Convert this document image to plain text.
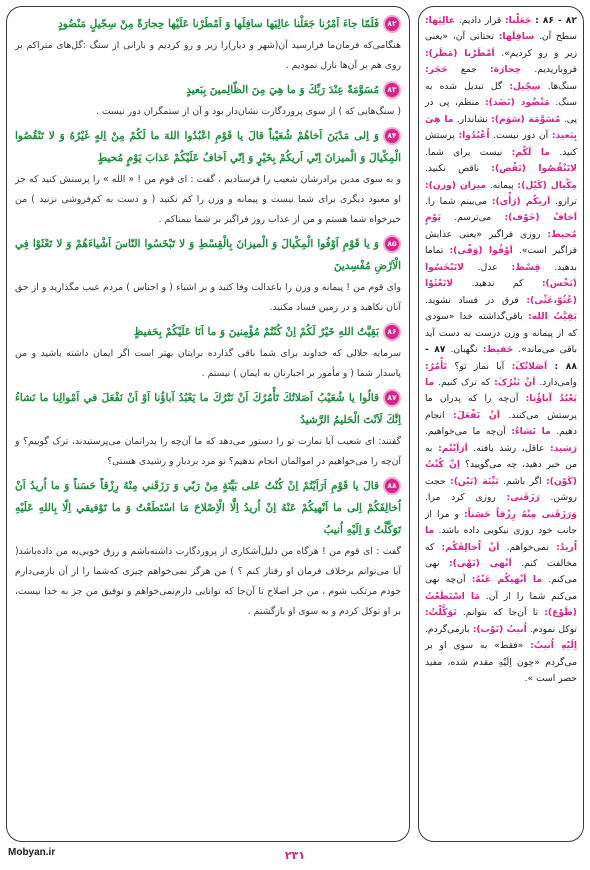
۸۲فَلَمّا جاءَ اَمْرُنا جَعَلْنا عالِيَها سافِلَها وَ اَمْطَرْنا عَلَيْها حِجارَةً مِنْ سِجّيلٍ مَنْضُودٍ

هنگامی‌که فرمان‌ما فرارسید آن(شهر و دیار)را زیر و رو کردیم و بارانی از سنگ :گل‌های متراکم بر روی هم بر آن‌ها نازل نمودیم .

۸۳مُسَوَّمَةً عِنْدَ رَبِّكَ وَ ما هِيَ مِنَ الظّالِمينَ بِبَعيدٍ

( سنگ‌هایی که ) از سوی پروردگارت نشان‌دار بود و آن از ستمگران دور نیست .

۸۴وَ اِلی مَدْيَنَ اَخاهُمْ شُعَيْباً قالَ يا قَوْمِ اعْبُدُوا اللهَ ما لَكُمْ مِنْ اِلهٍ غَيْرُهُ وَ لا تَنْقُصُوا الْمِكْيالَ وَ الْميزانَ اِنّي اَريكُمْ بِخَيْرٍ وَ اِنّي اَخافُ عَلَيْكُمْ عَذابَ يَوْمٍ مُحيطٍ

و به سوی مدین برادرشان شعیب را فرستادیم ، گفت : ای قوم من ! « الله » را پرستش کنید که جز او معبود دیگری برای شما نیست و پیمانه و وزن را کم نکنید ( و دست به کم‌فروشی نزنید ) من خیرخواه شما هستم و من از عذاب روز فراگیر بر شما بیمناکم .

۸۵وَ يا قَوْمِ اَوْفُوا الْمِكْيالَ وَ الْميزانَ بِالْقِسْطِ وَ لا تَبْخَسُوا النّاسَ اَشْياءَهُمْ وَ لا تَعْثَوْا فِي الْاَرْضِ مُفْسِدينَ

وای قوم من ! پیمانه و وزن را باعدالت وفا کنید و بر اشیاء ( و اجناس ) مردم عیب مگذارید و از حق آنان نکاهید و در زمین فساد مکنید.

۸۶بَقِيَّتُ اللهِ خَيْرٌ لَكُمْ اِنْ كُنْتُمْ مُؤْمِنينَ وَ ما اَنَا عَلَيْكُمْ بِحَفيظٍ

سرمایه حلالی که خداوند برای شما باقی گذارده برایتان بهتر است اگر ایمان داشته باشید و من پاسدار شما ( و مأمور بر اجبارتان به ایمان ) نیستم .

۸۷قالُوا يا شُعَيْبُ اَصَلاتُكَ تَأْمُرُكَ اَنْ نَتْرُكَ ما يَعْبُدُ آباؤُنا اَوْ اَنْ نَفْعَلَ في اَمْوالِنا ما نَشاءُ اِنَّكَ لَاَنْتَ الْحَليمُ الرَّشيدُ

گفتند: ای شعیب آیا نمازت تو را دستور می‌دهد که ما آن‌چه را پدرانمان می‌پرستیدند، ترک گوییم؟ و آن‌چه را می‌خواهیم در اموالمان انجام ندهیم؟ تو مرد بردبار و رشیدی هستی؟

۸۸قالَ يا قَوْمِ اَرَاَيْتُمْ اِنْ كُنْتُ عَلی بَيِّنَةٍ مِنْ رَبّي وَ رَزَقَني مِنْهُ رِزْقاً حَسَناً وَ ما اُريدُ اَنْ اُخالِفَكُمْ اِلی ما اَنْهيكُمْ عَنْهُ اِنْ اُريدُ اِلَّا الْاِصْلاحَ مَا اسْتَطَعْتُ وَ ما تَوْفيقي اِلّا بِاللهِ عَلَيْهِ تَوَكَّلْتُ وَ اِلَيْهِ اُنيبُ

گفت : ای قوم من ! هرگاه من دلیل‌آشکاری از پروردگارت داشته‌باشم و رزق خوبی‌به من داده‌باشد( آیا می‌توانم برخلاف فرمان او رفتار کنم ؟ ) من هرگز نمی‌خواهم چیزی که‌شما را از آن بازمی‌دارم خودم مرتکب شوم ، من جز اصلاح تا آن‌جا که توانایی دارم‌نمی‌خواهم و توفیق من جز به خدا نیست، بر او توکل کردم و به سوی او بازگشتم .

۸۲ - ۸۶ : جَعَلْنا: قرار دادیم. عالِیَها: سطح آن. سافِلَها: تحتانی آن، «یعنی زیر و رو کردیم». اَمْطَرْنا (مَطَر): فروباریدیم. حِجارَة: جمع حَجَر: سنگ‌ها. سِجّیل: گل تبدیل شده به سنگ. مَنْضُود (نَضَد): منظم، پی در پی. مُسَوَّمَة (سَوَم): نشاندار. ما هِیَ بِبَعید: آن دور نیست. اُعْبُدُوا: پرستش کنید. ما لَکُم: نیست برای شما. لاتَنْقُصُوا (نَقْص): ناقص نکنید. مِکْیال (کَیْل): پیمانه. میزان (وزن): ترازو. اَریکُم (رَأْی): می‌بینم شما را. اَخافُ (خَوْف): می‌ترسم. یَوْمٍ مُحیط: روزی فراگیر «یعنی عذابش فراگیر است». اَوْفُوا (وَفْی): تماما بدهید. قِسْط: عدل. لاتَبْخَسُوا (بَخْس): کم ندهید. لاتَعْثَوْا (عُثُوّ،عَثْی): فرق در فساد نشوید. بَقِیَّتُ الله: باقی‌گذاشته خدا «سودی که از پیمانه و وزن درست به دست آید باقی می‌ماند». حَفیظ: نگهبان. ۸۷ - ۸۸ : اَصَلاتُکَ: آیا نماز تو؟ تَأْمُرُ: وامی‌دارد. اَنْ نَتْرُکَ: که ترک کنیم. ما یَعْبُدُ آباؤُنا: آن‌چه را که پدران ما پرستش می‌کنند. اَنْ نَفْعَلَ: انجام دهیم. ما نَشاءُ: آن‌چه ما می‌خواهیم. رَشید: عاقل، رشد یافته. اَرَاَیْتُم: به من خبر دهید، چه می‌گویید؟ اِنْ کُنْتُ (کَوْن): اگر باشم. بَیِّنَة (بَیْن): حجت روشن. رَزَقَنی: روزی کرد مرا. وَرَزَقَنی مِنْهُ رِزْقاً حَسَناً: و مرا از جانب خود روزی نیکویی داده باشد. ما اُریدُ: نمی‌خواهم. اَنْ اُخالِفَکُم: که مخالفت کنم. اَنْهی (نَهْی): نهی می‌کنم. ما اَنْهیکُم عَنْهُ: آن‌چه نهی می‌کنم شما را از آن. مَا اسْتَطَعْتُ (طَوْع): تا آن‌جا که بتوانم. تَوَکَّلْتُ: توکل نمودم. اُنیبُ (نَوْب): بازمی‌گردم. اِلَیْهِ اُنیبُ: «فقط» به سوی او بر می‌گردم «چون اِلَیْهِ مقدم شده، مفید حصر است ».

Mobyan.ir	۲۳۱
